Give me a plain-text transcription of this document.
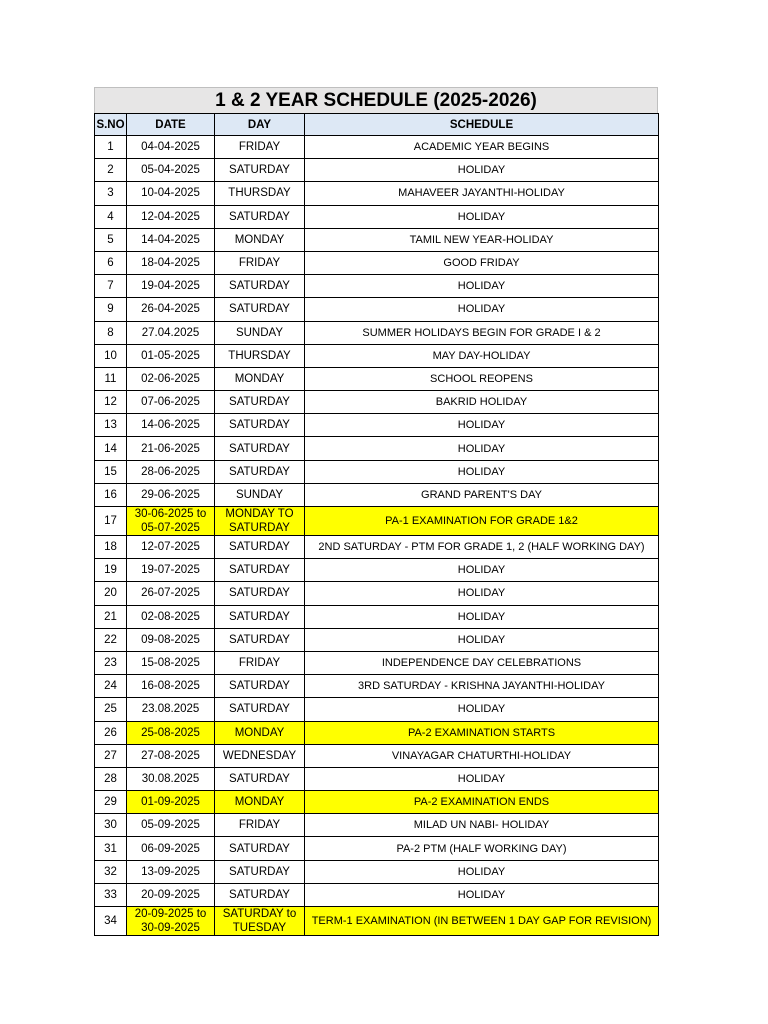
1 & 2 YEAR SCHEDULE (2025-2026)
S.NO	DATE	DAY	SCHEDULE
1	04-04-2025	FRIDAY	ACADEMIC YEAR BEGINS
2	05-04-2025	SATURDAY	HOLIDAY
3	10-04-2025	THURSDAY	MAHAVEER JAYANTHI-HOLIDAY
4	12-04-2025	SATURDAY	HOLIDAY
5	14-04-2025	MONDAY	TAMIL NEW YEAR-HOLIDAY
6	18-04-2025	FRIDAY	GOOD FRIDAY
7	19-04-2025	SATURDAY	HOLIDAY
9	26-04-2025	SATURDAY	HOLIDAY
8	27.04.2025	SUNDAY	SUMMER HOLIDAYS BEGIN FOR GRADE I & 2
10	01-05-2025	THURSDAY	MAY DAY-HOLIDAY
11	02-06-2025	MONDAY	SCHOOL REOPENS
12	07-06-2025	SATURDAY	BAKRID HOLIDAY
13	14-06-2025	SATURDAY	HOLIDAY
14	21-06-2025	SATURDAY	HOLIDAY
15	28-06-2025	SATURDAY	HOLIDAY
16	29-06-2025	SUNDAY	GRAND PARENT'S DAY
17	30-06-2025 to 05-07-2025	MONDAY TO SATURDAY	PA-1 EXAMINATION FOR GRADE 1&2
18	12-07-2025	SATURDAY	2ND SATURDAY - PTM FOR GRADE 1, 2 (HALF WORKING DAY)
19	19-07-2025	SATURDAY	HOLIDAY
20	26-07-2025	SATURDAY	HOLIDAY
21	02-08-2025	SATURDAY	HOLIDAY
22	09-08-2025	SATURDAY	HOLIDAY
23	15-08-2025	FRIDAY	INDEPENDENCE DAY CELEBRATIONS
24	16-08-2025	SATURDAY	3RD SATURDAY - KRISHNA JAYANTHI-HOLIDAY
25	23.08.2025	SATURDAY	HOLIDAY
26	25-08-2025	MONDAY	PA-2 EXAMINATION STARTS
27	27-08-2025	WEDNESDAY	VINAYAGAR CHATURTHI-HOLIDAY
28	30.08.2025	SATURDAY	HOLIDAY
29	01-09-2025	MONDAY	PA-2 EXAMINATION ENDS
30	05-09-2025	FRIDAY	MILAD UN NABI- HOLIDAY
31	06-09-2025	SATURDAY	PA-2 PTM (HALF WORKING DAY)
32	13-09-2025	SATURDAY	HOLIDAY
33	20-09-2025	SATURDAY	HOLIDAY
34	20-09-2025 to 30-09-2025	SATURDAY to TUESDAY	TERM-1 EXAMINATION (IN BETWEEN 1 DAY GAP FOR REVISION)
